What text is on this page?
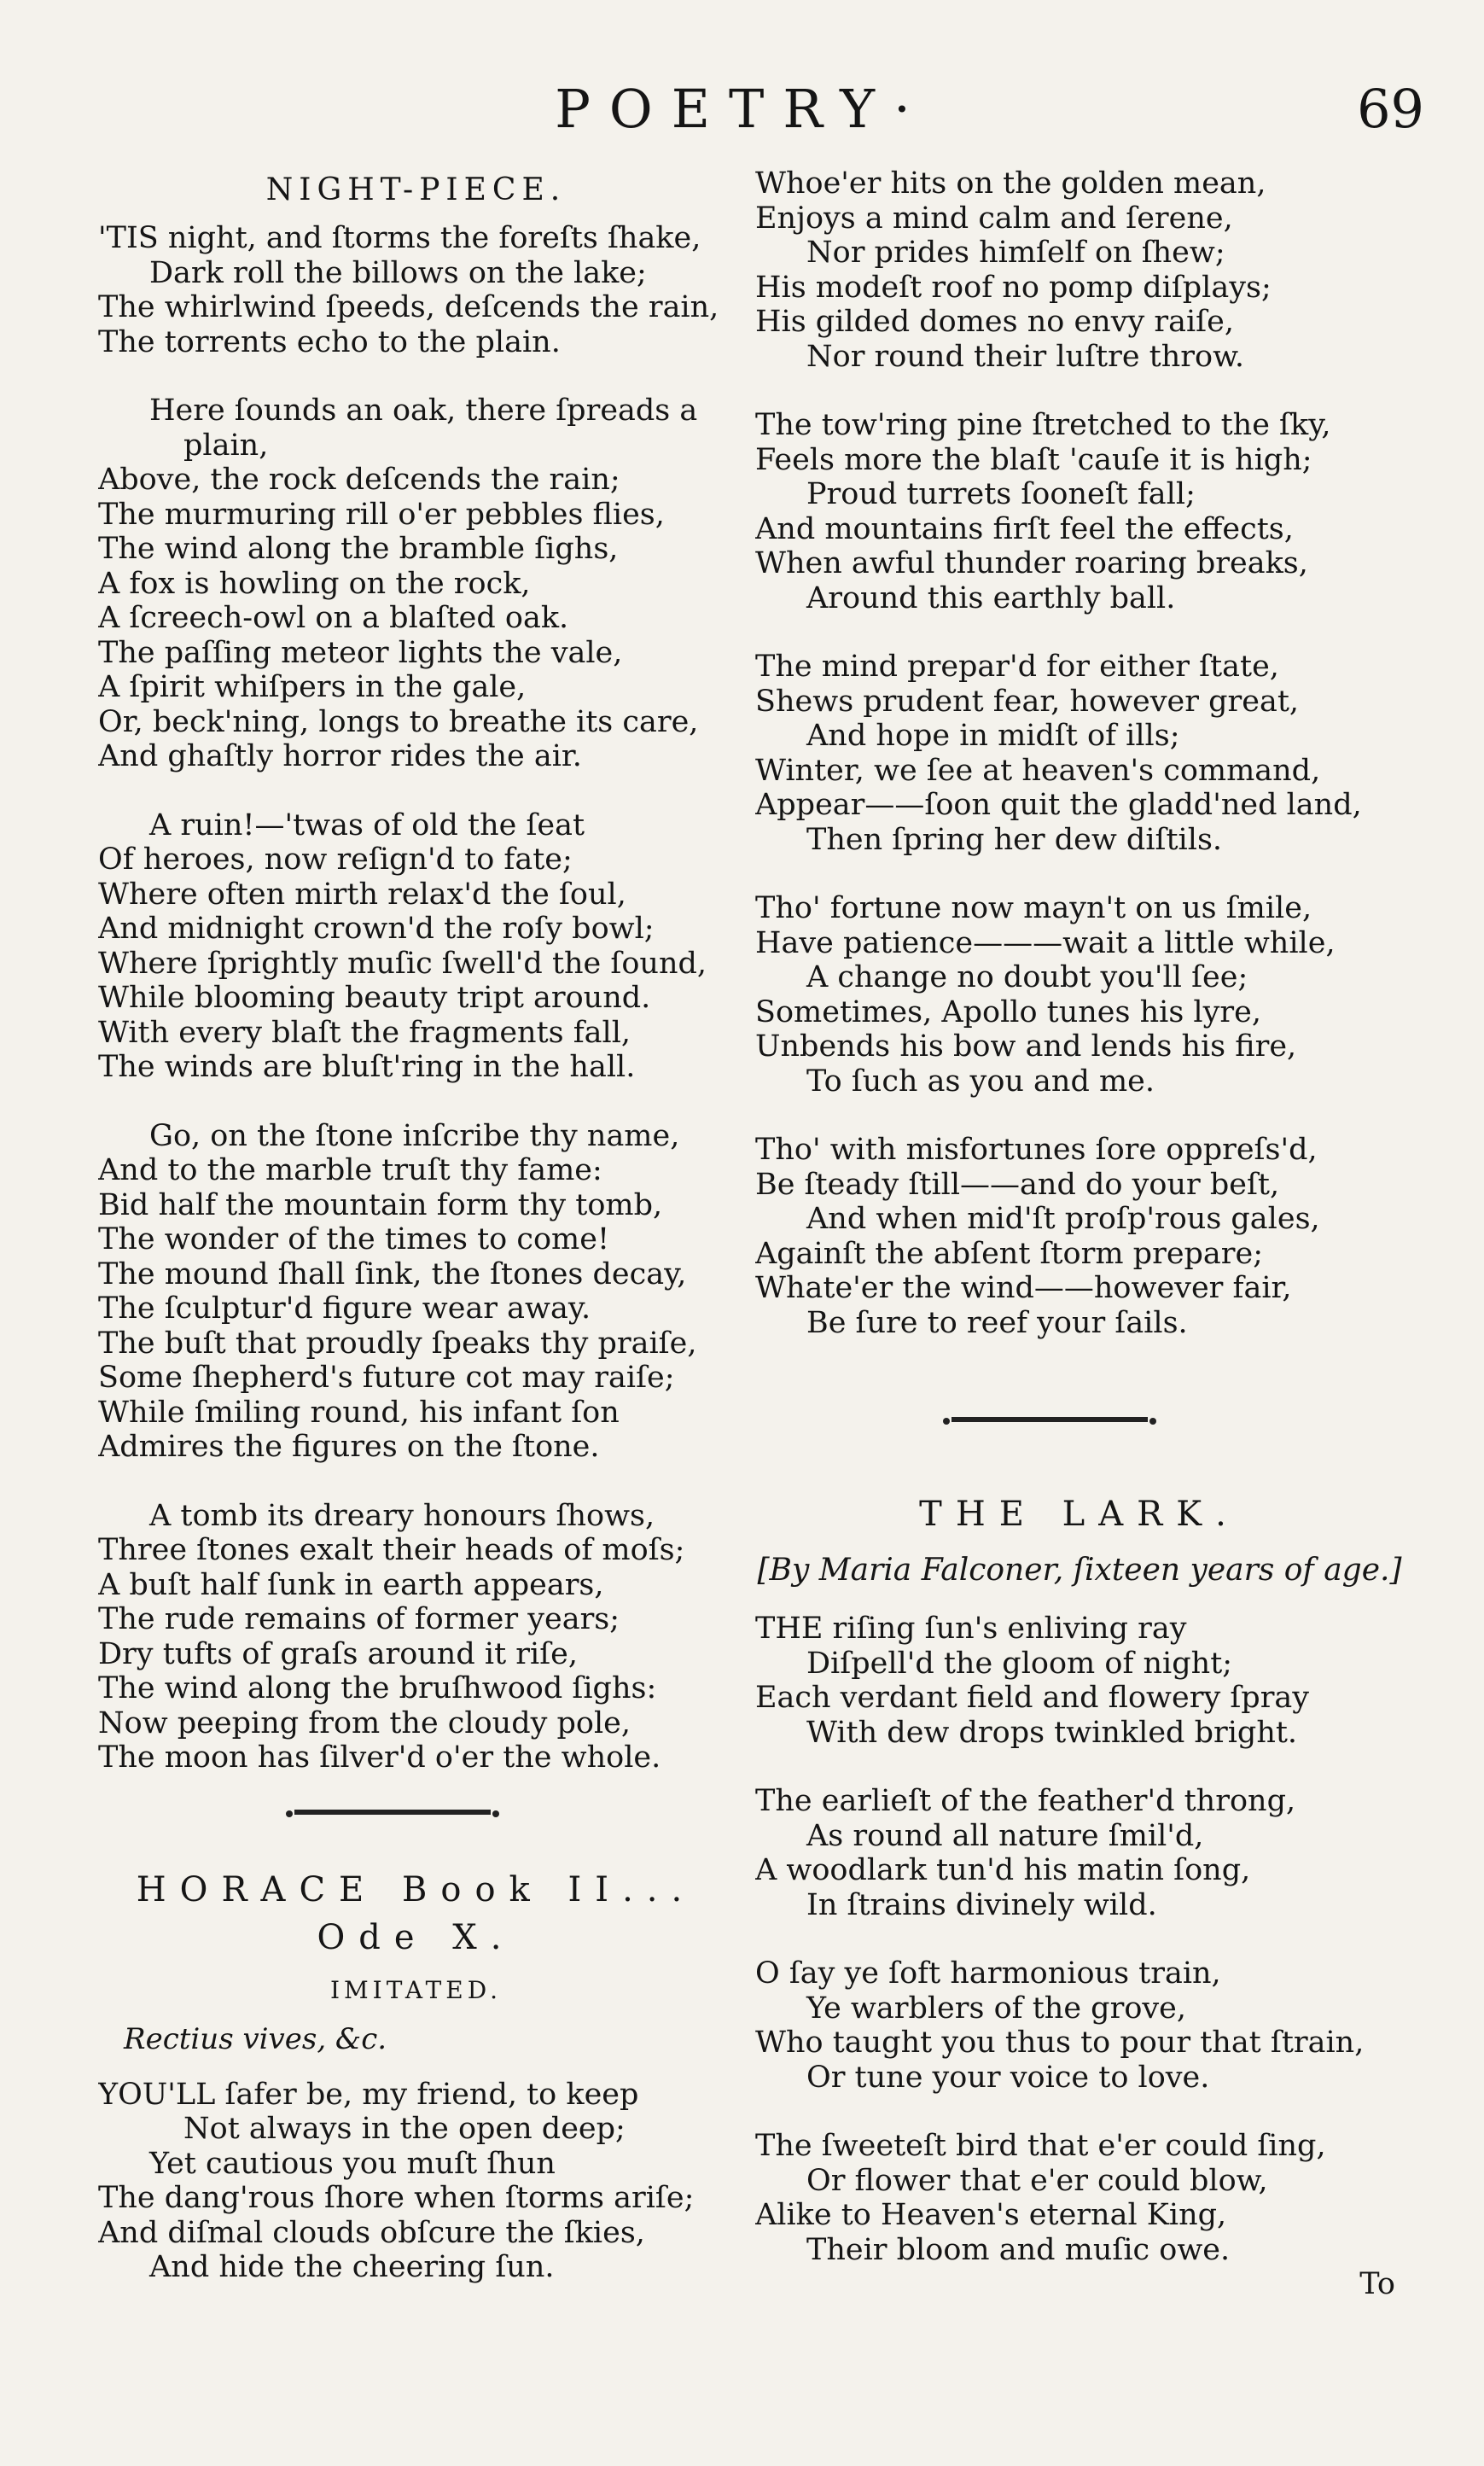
POETRY·	69
NIGHT-PIECE.
'TIS night, and ſtorms the foreſts ſhake,
Dark roll the billows on the lake;
The whirlwind ſpeeds, deſcends the rain,
The torrents echo to the plain.
Here ſounds an oak, there ſpreads a
plain,
Above, the rock deſcends the rain;
The murmuring rill o'er pebbles flies,
The wind along the bramble ſighs,
A fox is howling on the rock,
A ſcreech-owl on a blaſted oak.
The paſſing meteor lights the vale,
A ſpirit whiſpers in the gale,
Or, beck'ning, longs to breathe its care,
And ghaſtly horror rides the air.
A ruin!—'twas of old the ſeat
Of heroes, now reſign'd to fate;
Where often mirth relax'd the ſoul,
And midnight crown'd the roſy bowl;
Where ſprightly muſic ſwell'd the ſound,
While blooming beauty tript around.
With every blaſt the fragments fall,
The winds are bluſt'ring in the hall.
Go, on the ſtone inſcribe thy name,
And to the marble truſt thy fame:
Bid half the mountain form thy tomb,
The wonder of the times to come!
The mound ſhall ſink, the ſtones decay,
The ſculptur'd figure wear away.
The buſt that proudly ſpeaks thy praiſe,
Some ſhepherd's future cot may raiſe;
While ſmiling round, his infant ſon
Admires the figures on the ſtone.
A tomb its dreary honours ſhows,
Three ſtones exalt their heads of moſs;
A buſt half ſunk in earth appears,
The rude remains of former years;
Dry tufts of graſs around it riſe,
The wind along the bruſhwood ſighs:
Now peeping from the cloudy pole,
The moon has ſilver'd o'er the whole.
HORACE Book II... Ode X.
IMITATED.
Rectius vives, &c.
YOU'LL ſafer be, my friend, to keep
Not always in the open deep;
Yet cautious you muſt ſhun
The dang'rous ſhore when ſtorms ariſe;
And diſmal clouds obſcure the ſkies,
And hide the cheering ſun.
Whoe'er hits on the golden mean,
Enjoys a mind calm and ſerene,
Nor prides himſelf on ſhew;
His modeſt roof no pomp diſplays;
His gilded domes no envy raiſe,
Nor round their luſtre throw.
The tow'ring pine ſtretched to the ſky,
Feels more the blaſt 'cauſe it is high;
Proud turrets ſooneſt fall;
And mountains firſt feel the effects,
When awful thunder roaring breaks,
Around this earthly ball.
The mind prepar'd for either ſtate,
Shews prudent fear, however great,
And hope in midſt of ills;
Winter, we ſee at heaven's command,
Appear——ſoon quit the gladd'ned land,
Then ſpring her dew diſtils.
Tho' fortune now mayn't on us ſmile,
Have patience———wait a little while,
A change no doubt you'll ſee;
Sometimes, Apollo tunes his lyre,
Unbends his bow and lends his fire,
To ſuch as you and me.
Tho' with misfortunes ſore oppreſs'd,
Be ſteady ſtill——and do your beſt,
And when mid'ſt proſp'rous gales,
Againſt the abſent ſtorm prepare;
Whate'er the wind——however fair,
Be ſure to reef your ſails.
THE LARK.
[By Maria Falconer, ſixteen years of age.]
THE riſing ſun's enliving ray
Diſpell'd the gloom of night;
Each verdant field and flowery ſpray
With dew drops twinkled bright.
The earlieſt of the feather'd throng,
As round all nature ſmil'd,
A woodlark tun'd his matin ſong,
In ſtrains divinely wild.
O ſay ye ſoft harmonious train,
Ye warblers of the grove,
Who taught you thus to pour that ſtrain,
Or tune your voice to love.
The ſweeteſt bird that e'er could ſing,
Or flower that e'er could blow,
Alike to Heaven's eternal King,
Their bloom and muſic owe.
To
